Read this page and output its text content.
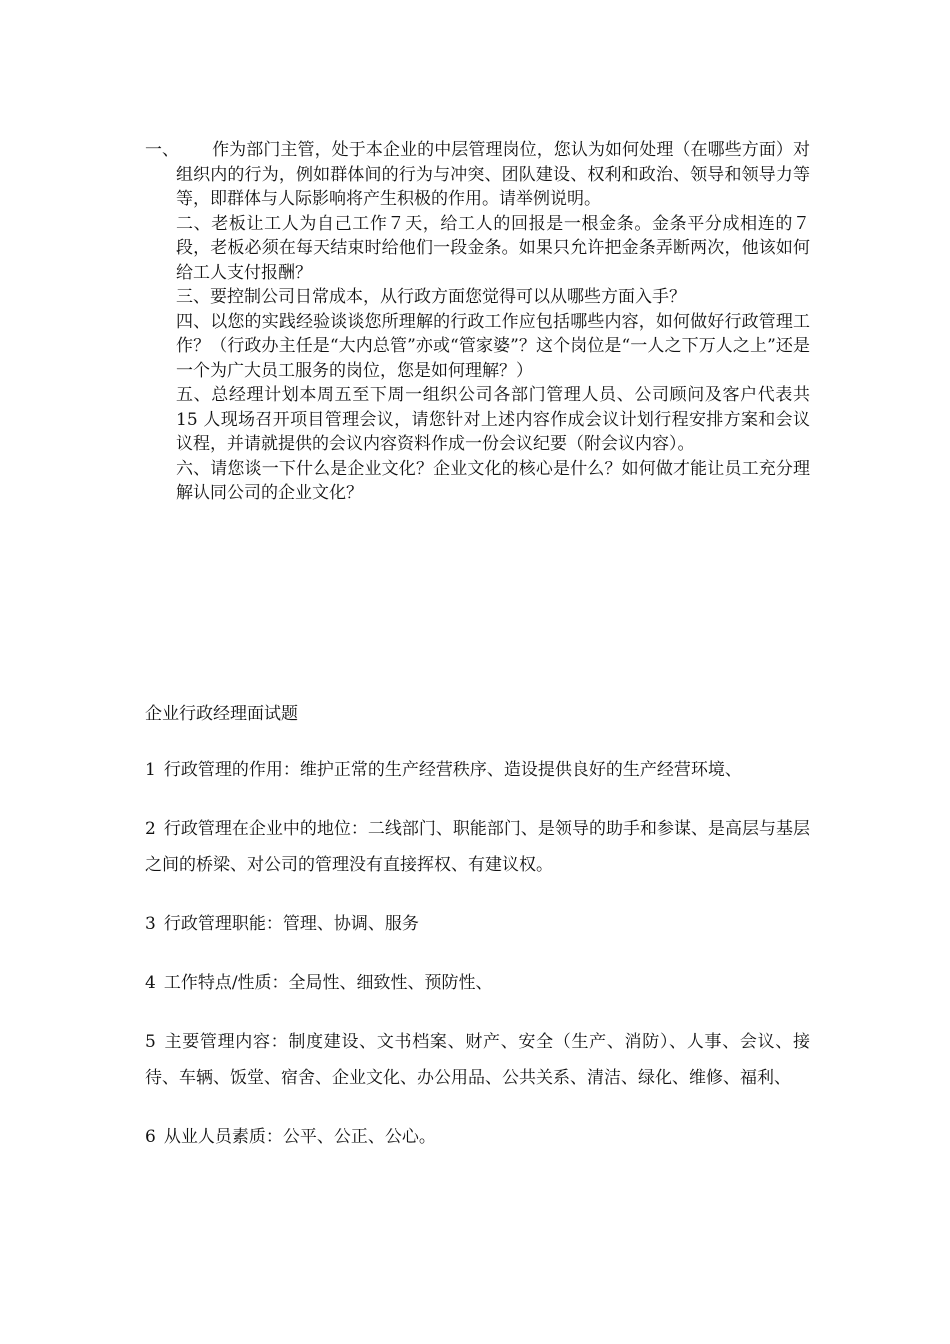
一、	作为部门主管，处于本企业的中层管理岗位，您认为如何处理（在哪些方面）对组织内的行为，例如群体间的行为与冲突、团队建设、权利和政治、领导和领导力等等，即群体与人际影响将产生积极的作用。请举例说明。

二、老板让工人为自己工作７天，给工人的回报是一根金条。金条平分成相连的７段，老板必须在每天结束时给他们一段金条。如果只允许把金条弄断两次，他该如何给工人支付报酬？

三、要控制公司日常成本，从行政方面您觉得可以从哪些方面入手？

四、以您的实践经验谈谈您所理解的行政工作应包括哪些内容，如何做好行政管理工作？（行政办主任是“大内总管”亦或“管家婆”？这个岗位是“一人之下万人之上”还是一个为广大员工服务的岗位，您是如何理解？）

五、总经理计划本周五至下周一组织公司各部门管理人员、公司顾问及客户代表共 15 人现场召开项目管理会议，请您针对上述内容作成会议计划行程安排方案和会议议程，并请就提供的会议内容资料作成一份会议纪要（附会议内容）。

六、请您谈一下什么是企业文化？企业文化的核心是什么？如何做才能让员工充分理解认同公司的企业文化？

企业行政经理面试题

1 行政管理的作用：维护正常的生产经营秩序、造设提供良好的生产经营环境、

2 行政管理在企业中的地位：二线部门、职能部门、是领导的助手和参谋、是高层与基层之间的桥梁、对公司的管理没有直接挥权、有建议权。

3 行政管理职能：管理、协调、服务

4 工作特点/性质：全局性、细致性、预防性、

5 主要管理内容：制度建设、文书档案、财产、安全（生产、消防）、人事、会议、接待、车辆、饭堂、宿舍、企业文化、办公用品、公共关系、清洁、绿化、维修、福利、

6 从业人员素质：公平、公正、公心。
